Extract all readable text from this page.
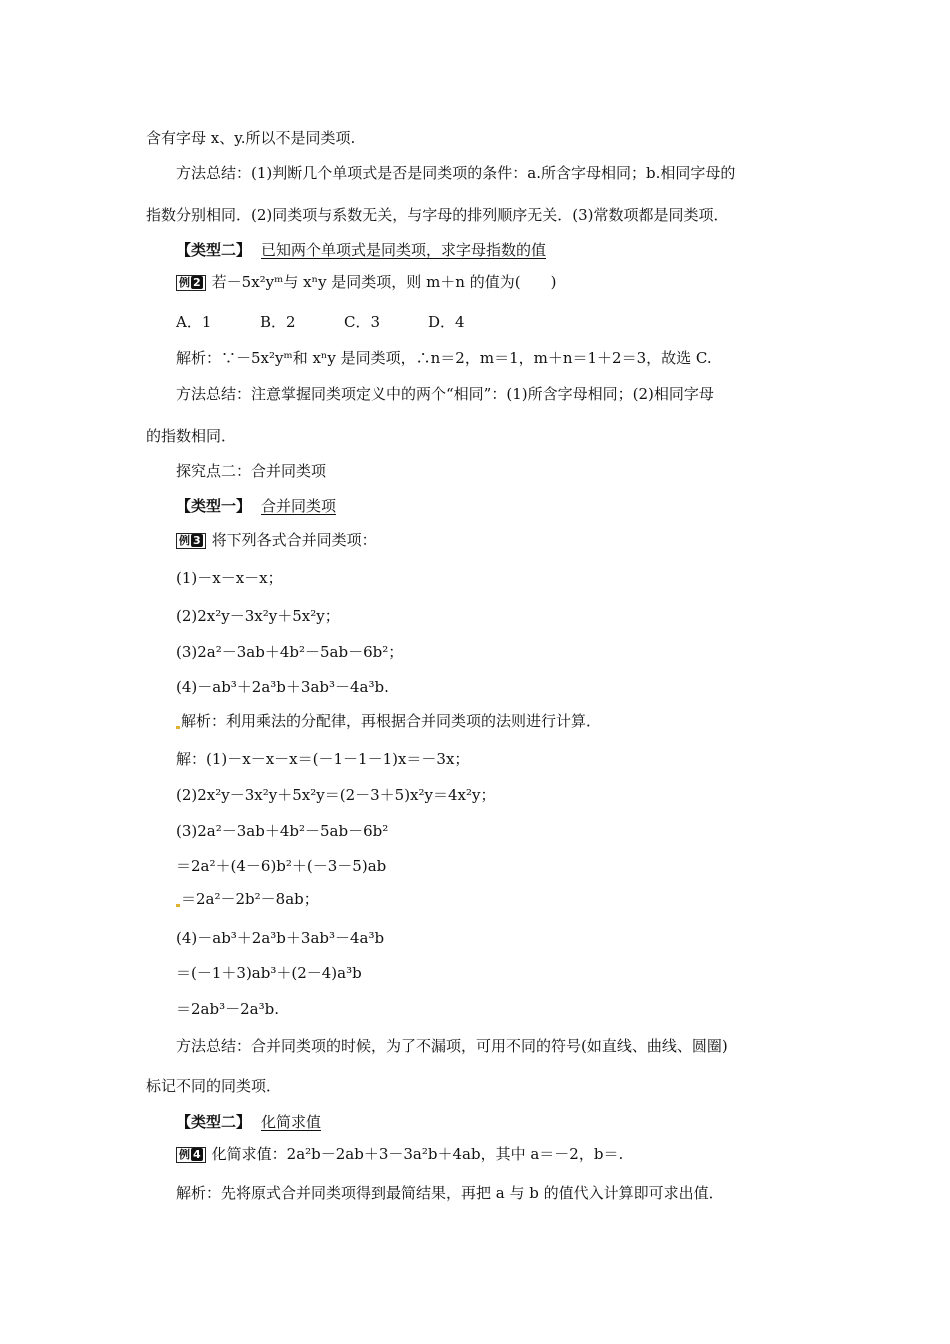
含有字母 x、y.所以不是同类项.
方法总结：(1)判断几个单项式是否是同类项的条件：a.所含字母相同；b.相同字母的
指数分别相同．(2)同类项与系数无关，与字母的排列顺序无关．(3)常数项都是同类项．
【类型二】 已知两个单项式是同类项，求字母指数的值
例 2 若－5x²yᵐ与 xⁿy 是同类项，则 m＋n 的值为(　　)
A．1	B．2	C．3	D．4
解析：∵－5x²yᵐ和 xⁿy 是同类项，∴n＝2，m＝1，m＋n＝1＋2＝3，故选 C.
方法总结：注意掌握同类项定义中的两个“相同”：(1)所含字母相同；(2)相同字母
的指数相同．
探究点二：合并同类项
【类型一】 合并同类项
例 3 将下列各式合并同类项：
(1)－x－x－x；
(2)2x²y－3x²y＋5x²y；
(3)2a²－3ab＋4b²－5ab－6b²；
(4)－ab³＋2a³b＋3ab³－4a³b.
解析：利用乘法的分配律，再根据合并同类项的法则进行计算．
解：(1)－x－x－x＝(－1－1－1)x＝－3x；
(2)2x²y－3x²y＋5x²y＝(2－3＋5)x²y＝4x²y；
(3)2a²－3ab＋4b²－5ab－6b²
＝2a²＋(4－6)b²＋(－3－5)ab
＝2a²－2b²－8ab；
(4)－ab³＋2a³b＋3ab³－4a³b
＝(－1＋3)ab³＋(2－4)a³b
＝2ab³－2a³b.
方法总结：合并同类项的时候，为了不漏项，可用不同的符号(如直线、曲线、圆圈)
标记不同的同类项．
【类型二】 化简求值
例 4 化简求值：2a²b－2ab＋3－3a²b＋4ab，其中 a＝－2，b＝.
解析：先将原式合并同类项得到最简结果，再把 a 与 b 的值代入计算即可求出值．
